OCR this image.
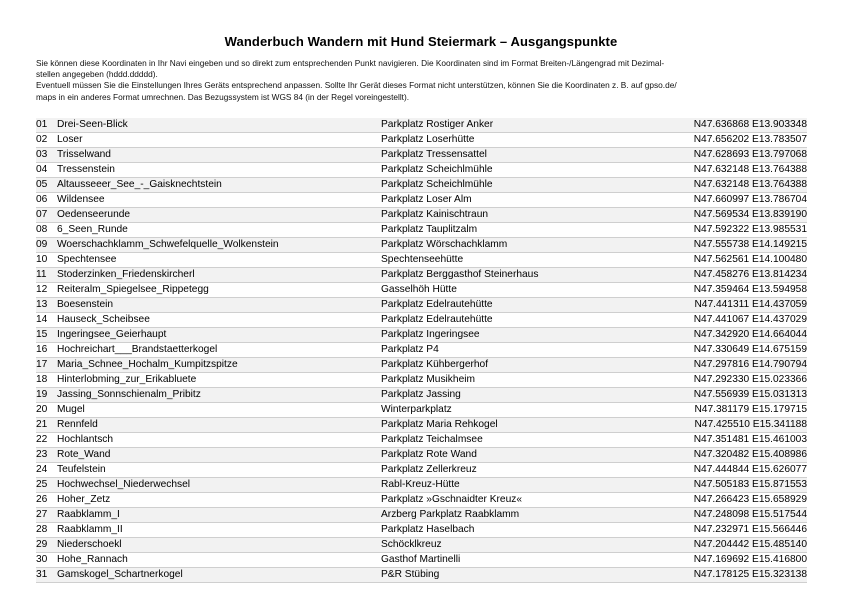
Wanderbuch Wandern mit Hund Steiermark – Ausgangspunkte

Sie können diese Koordinaten in Ihr Navi eingeben und so direkt zum entsprechenden Punkt navigieren. Die Koordinaten sind im Format Breiten-/Längengrad mit Dezimal-

stellen angegeben (hddd.ddddd).

Eventuell müssen Sie die Einstellungen Ihres Geräts entsprechend anpassen. Sollte Ihr Gerät dieses Format nicht unterstützen, können Sie die Koordinaten z. B. auf gpso.de/

maps in ein anderes Format umrechnen. Das Bezugssystem ist WGS 84 (in der Regel voreingestellt).

01 Drei-Seen-Blick	Parkplatz Rostiger Anker	N47.636868 E13.903348
02 Loser	Parkplatz Loserhütte	N47.656202 E13.783507
03 Trisselwand	Parkplatz Tressensattel	N47.628693 E13.797068
04 Tressenstein	Parkplatz Scheichlmühle	N47.632148 E13.764388
05 Altausseeer_See_-_Gaisknechtstein	Parkplatz Scheichlmühle	N47.632148 E13.764388
06 Wildensee	Parkplatz Loser Alm	N47.660997 E13.786704
07 Oedenseerunde	Parkplatz Kainischtraun	N47.569534 E13.839190
08 6_Seen_Runde	Parkplatz Tauplitzalm	N47.592322 E13.985531
09 Woerschachklamm_Schwefelquelle_Wolkenstein	Parkplatz Wörschachklamm	N47.555738 E14.149215
10 Spechtensee	Spechtenseehütte	N47.562561 E14.100480
11	Stoderzinken_Friedenskircherl	Parkplatz Berggasthof Steinerhaus	N47.458276 E13.814234
12 Reiteralm_Spiegelsee_Rippetegg	Gasselhöh Hütte	N47.359464 E13.594958
13 Boesenstein	Parkplatz Edelrautehütte	N47.441311 E14.437059
14 Hauseck_Scheibsee	Parkplatz Edelrautehütte	N47.441067 E14.437029
15 Ingeringsee_Geierhaupt	Parkplatz Ingeringsee	N47.342920 E14.664044
16 Hochreichart___Brandstaetterkogel	Parkplatz P4	N47.330649 E14.675159
17 Maria_Schnee_Hochalm_Kumpitzspitze	Parkplatz Kühbergerhof	N47.297816 E14.790794
18 Hinterlobming_zur_Erikabluete	Parkplatz Musikheim	N47.292330 E15.023366
19 Jassing_Sonnschienalm_Pribitz	Parkplatz Jassing	N47.556939 E15.031313
20 Mugel	Winterparkplatz	N47.381179 E15.179715
21 Rennfeld	Parkplatz Maria Rehkogel	N47.425510 E15.341188
22 Hochlantsch	Parkplatz Teichalmsee	N47.351481 E15.461003
23 Rote_Wand	Parkplatz Rote Wand	N47.320482 E15.408986
24 Teufelstein	Parkplatz Zellerkreuz	N47.444844 E15.626077
25 Hochwechsel_Niederwechsel	Rabl-Kreuz-Hütte	N47.505183 E15.871553
26 Hoher_Zetz	Parkplatz »Gschnaidter Kreuz«	N47.266423 E15.658929
27 Raabklamm_I	Arzberg Parkplatz Raabklamm	N47.248098 E15.517544
28 Raabklamm_II	Parkplatz Haselbach	N47.232971 E15.566446
29 Niederschoekl	Schöcklkreuz	N47.204442 E15.485140
30 Hohe_Rannach	Gasthof Martinelli	N47.169692 E15.416800
31 Gamskogel_Schartnerkogel	P&R Stübing	N47.178125 E15.323138
